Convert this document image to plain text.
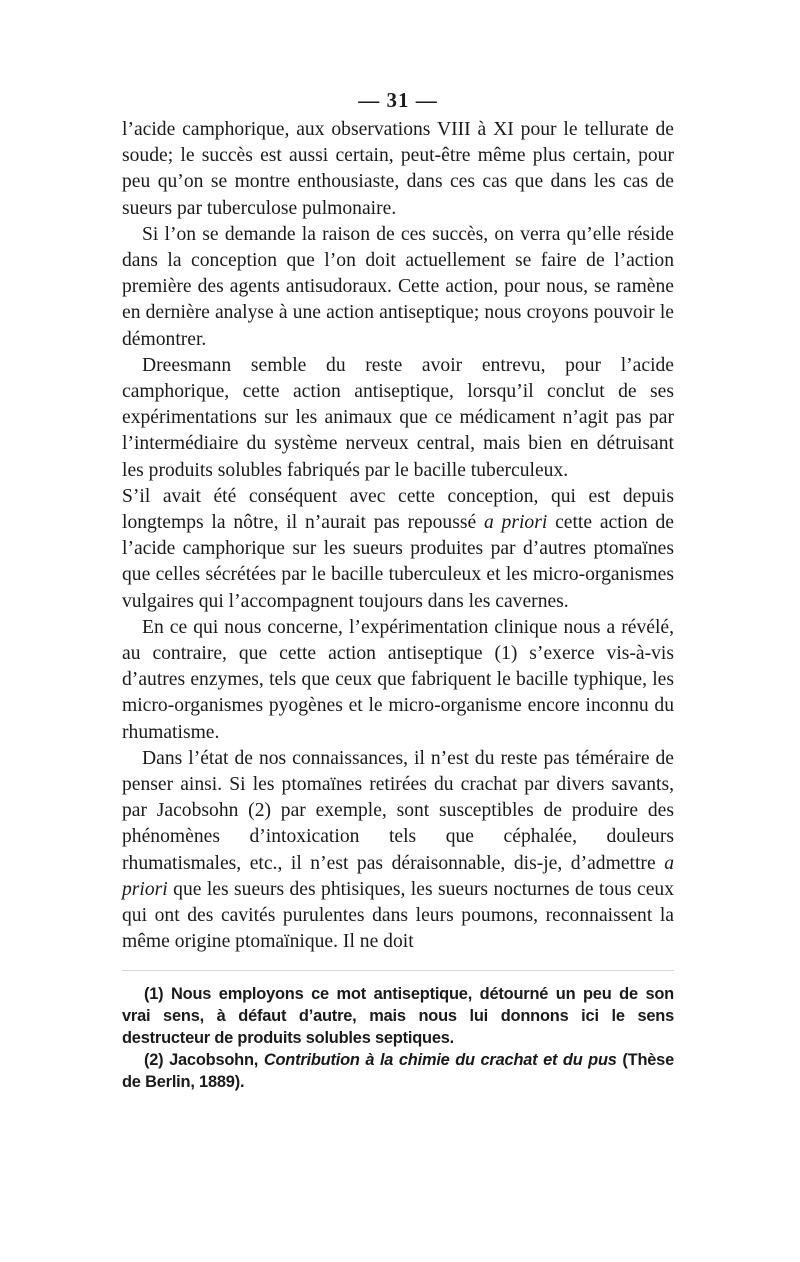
— 31 —

l’acide camphorique, aux observations VIII à XI pour le tellurate de soude; le succès est aussi certain, peut-être même plus certain, pour peu qu’on se montre enthousiaste, dans ces cas que dans les cas de sueurs par tuberculose pulmonaire.

Si l’on se demande la raison de ces succès, on verra qu’elle réside dans la conception que l’on doit actuellement se faire de l’action première des agents antisudoraux. Cette action, pour nous, se ramène en dernière analyse à une action antiseptique; nous croyons pouvoir le démontrer.

Dreesmann semble du reste avoir entrevu, pour l’acide camphorique, cette action antiseptique, lorsqu’il conclut de ses expérimentations sur les animaux que ce médicament n’agit pas par l’intermédiaire du système nerveux central, mais bien en détruisant les produits solubles fabriqués par le bacille tuberculeux.

S’il avait été conséquent avec cette conception, qui est depuis longtemps la nôtre, il n’aurait pas repoussé a priori cette action de l’acide camphorique sur les sueurs produites par d’autres ptomaïnes que celles sécrétées par le bacille tuberculeux et les micro-organismes vulgaires qui l’accompagnent toujours dans les cavernes.

En ce qui nous concerne, l’expérimentation clinique nous a révélé, au contraire, que cette action antiseptique (1) s’exerce vis-à-vis d’autres enzymes, tels que ceux que fabriquent le bacille typhique, les micro-organismes pyogènes et le micro-organisme encore inconnu du rhumatisme.

Dans l’état de nos connaissances, il n’est du reste pas téméraire de penser ainsi. Si les ptomaïnes retirées du crachat par divers savants, par Jacobsohn (2) par exemple, sont susceptibles de produire des phénomènes d’intoxication tels que céphalée, douleurs rhumatismales, etc., il n’est pas déraisonnable, dis-je, d’admettre a priori que les sueurs des phtisiques, les sueurs nocturnes de tous ceux qui ont des cavités purulentes dans leurs poumons, reconnaissent la même origine ptomaïnique. Il ne doit

(1) Nous employons ce mot antiseptique, détourné un peu de son vrai sens, à défaut d’autre, mais nous lui donnons ici le sens destructeur de produits solubles septiques.

(2) Jacobsohn, Contribution à la chimie du crachat et du pus (Thèse de Berlin, 1889).
